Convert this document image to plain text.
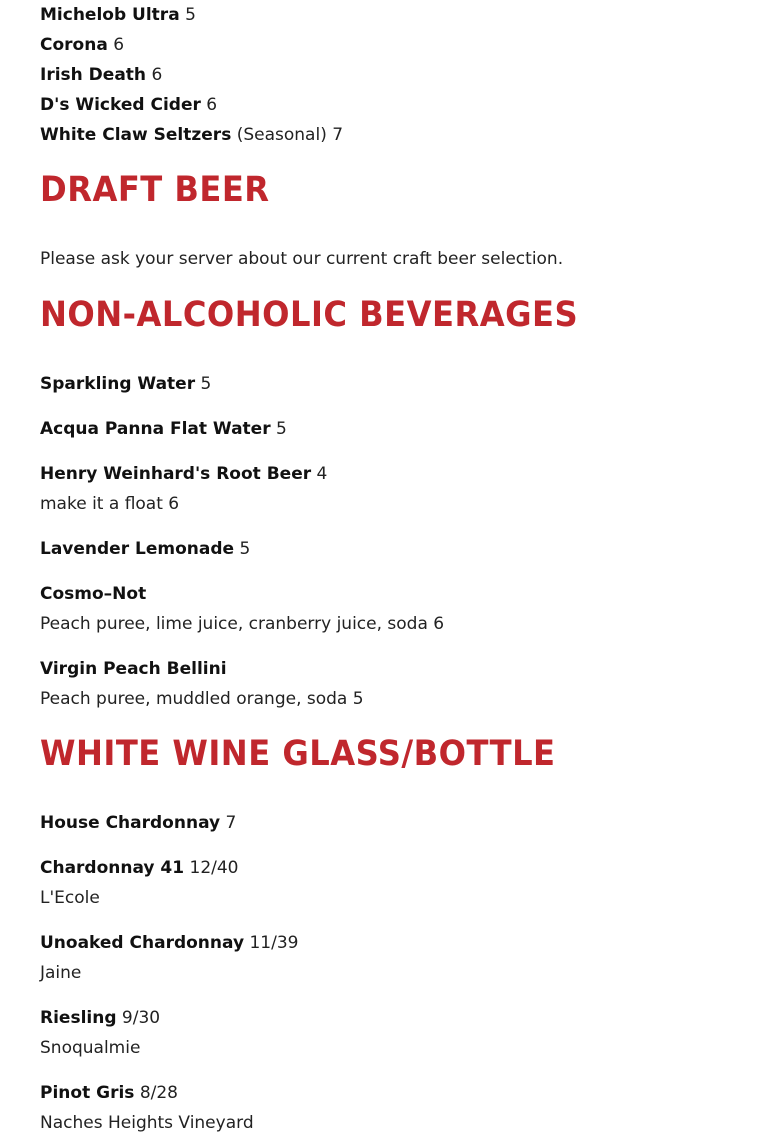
Michelob Ultra 5
Corona 6
Irish Death 6
D's Wicked Cider 6
White Claw Seltzers (Seasonal) 7
DRAFT BEER
Please ask your server about our current craft beer selection.
NON-ALCOHOLIC BEVERAGES
Sparkling Water 5
Acqua Panna Flat Water 5
Henry Weinhard's Root Beer 4
make it a float 6
Lavender Lemonade 5
Cosmo–Not
Peach puree, lime juice, cranberry juice, soda 6
Virgin Peach Bellini
Peach puree, muddled orange, soda 5
WHITE WINE GLASS/BOTTLE
House Chardonnay 7
Chardonnay 41 12/40
L'Ecole
Unoaked Chardonnay 11/39
Jaine
Riesling 9/30
Snoqualmie
Pinot Gris 8/28
Naches Heights Vineyard
